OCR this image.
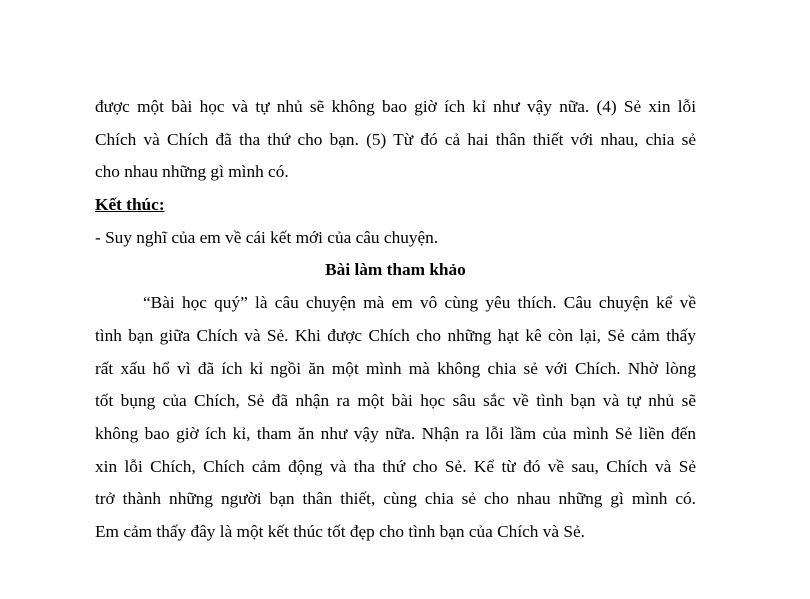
được một bài học và tự nhủ sẽ không bao giờ ích kỉ như vậy nữa. (4) Sẻ xin lỗi
Chích và Chích đã tha thứ cho bạn. (5) Từ đó cả hai thân thiết với nhau, chia sẻ
cho nhau những gì mình có.
Kết thúc:
- Suy nghĩ của em về cái kết mới của câu chuyện.
Bài làm tham khảo
“Bài học quý” là câu chuyện mà em vô cùng yêu thích. Câu chuyện kể về
tình bạn giữa Chích và Sẻ. Khi được Chích cho những hạt kê còn lại, Sẻ cảm thấy
rất xấu hổ vì đã ích kỉ ngồi ăn một mình mà không chia sẻ với Chích. Nhờ lòng
tốt bụng của Chích, Sẻ đã nhận ra một bài học sâu sắc về tình bạn và tự nhủ sẽ
không bao giờ ích kỉ, tham ăn như vậy nữa. Nhận ra lỗi lầm của mình Sẻ liền đến
xin lỗi Chích, Chích cảm động và tha thứ cho Sẻ. Kể từ đó về sau, Chích và Sẻ
trở thành những người bạn thân thiết, cùng chia sẻ cho nhau những gì mình có.
Em cảm thấy đây là một kết thúc tốt đẹp cho tình bạn của Chích và Sẻ.
